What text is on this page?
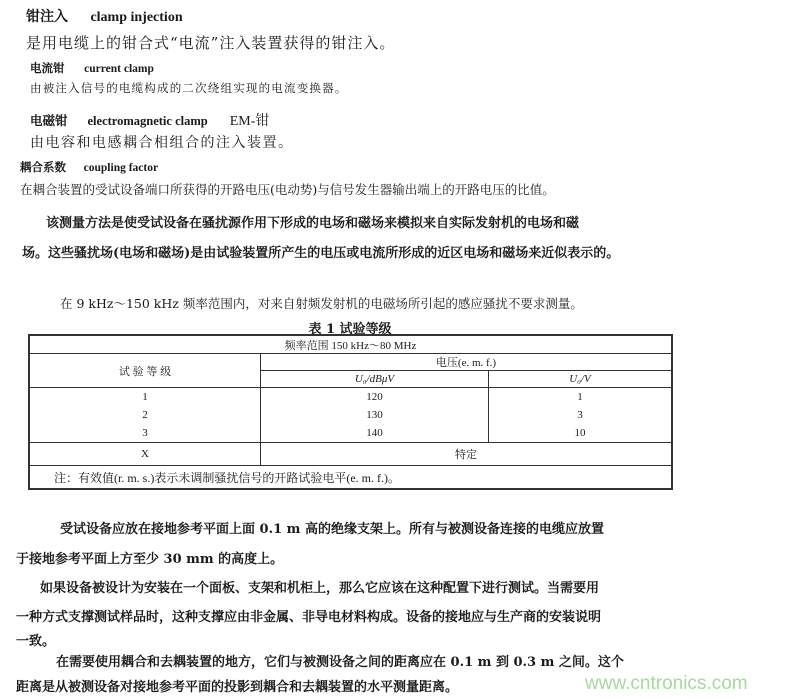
钳注入 clamp injection
是用电缆上的钳合式“电流”注入装置获得的钳注入。
电流钳 current clamp
由被注入信号的电缆构成的二次绕组实现的电流变换器。
电磁钳 electromagnetic clamp EM-钳
由电容和电感耦合相组合的注入装置。
耦合系数 coupling factor
在耦合装置的受试设备端口所获得的开路电压(电动势)与信号发生器输出端上的开路电压的比值。
该测量方法是使受试设备在骚扰源作用下形成的电场和磁场来模拟来自实际发射机的电场和磁
场。这些骚扰场(电场和磁场)是由试验装置所产生的电压或电流所形成的近区电场和磁场来近似表示的。
在 9 kHz～150 kHz 频率范围内，对来自射频发射机的电磁场所引起的感应骚扰不要求测量。
表 1 试验等级
频率范围 150 kHz～80 MHz		
试 验 等 级	电压(e. m. f.)	
	U₀/dBμV	U₀/V
1	120	1
2	130	3
3	140	10
X	特定	
注：有效值(r. m. s.)表示未调制骚扰信号的开路试验电平(e. m. f.)。		
受试设备应放在接地参考平面上面 0.1 m 高的绝缘支架上。所有与被测设备连接的电缆应放置
于接地参考平面上方至少 30 mm 的高度上。
如果设备被设计为安装在一个面板、支架和机柜上，那么它应该在这种配置下进行测试。当需要用
一种方式支撑测试样品时，这种支撑应由非金属、非导电材料构成。设备的接地应与生产商的安装说明
一致。
在需要使用耦合和去耦装置的地方，它们与被测设备之间的距离应在 0.1 m 到 0.3 m 之间。这个
距离是从被测设备对接地参考平面的投影到耦合和去耦装置的水平测量距离。	www.cntronics.com
